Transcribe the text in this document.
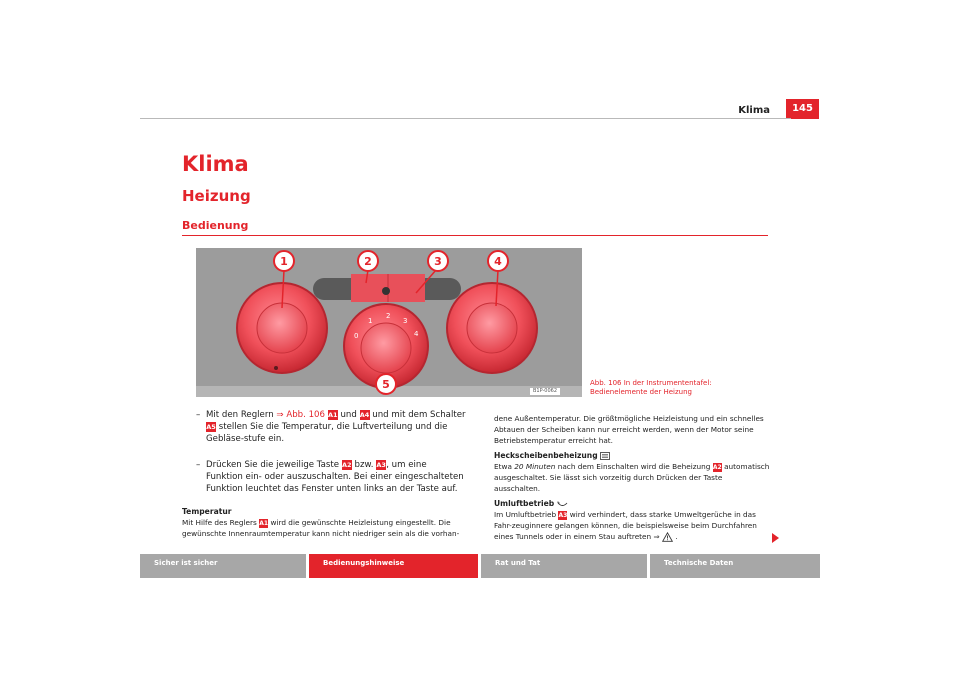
Klima	145
Klima
Heizung
Bedienung
0
1
2
3
4
1	2	3	4
5	B1P-0062
Abb. 106 In der Instrumententafel: Bedienelemente der Heizung
– Mit den Reglern ⇒ Abb. 106 A1 und A4 und mit dem Schalter A5 stellen Sie die Temperatur, die Luftverteilung und die Gebläse-stufe ein.
– Drücken Sie die jeweilige Taste A2 bzw. A3, um eine Funktion ein- oder auszuschalten. Bei einer eingeschalteten Funktion leuchtet das Fenster unten links an der Taste auf.
Temperatur
Mit Hilfe des Reglers A1 wird die gewünschte Heizleistung eingestellt. Die gewünschte Innenraumtemperatur kann nicht niedriger sein als die vorhan-
dene Außentemperatur. Die größtmögliche Heizleistung und ein schnelles Abtauen der Scheiben kann nur erreicht werden, wenn der Motor seine Betriebstemperatur erreicht hat.
Heckscheibenbeheizung
Etwa 20 Minuten nach dem Einschalten wird die Beheizung A2 automatisch ausgeschaltet. Sie lässt sich vorzeitig durch Drücken der Taste ausschalten.
Umluftbetrieb
Im Umluftbetrieb A3 wird verhindert, dass starke Umweltgerüche in das Fahr-zeuginnere gelangen können, die beispielsweise beim Durchfahren eines Tunnels oder in einem Stau auftreten ⇒ .
Sicher ist sicher	Bedienungshinweise	Rat und Tat	Technische Daten
